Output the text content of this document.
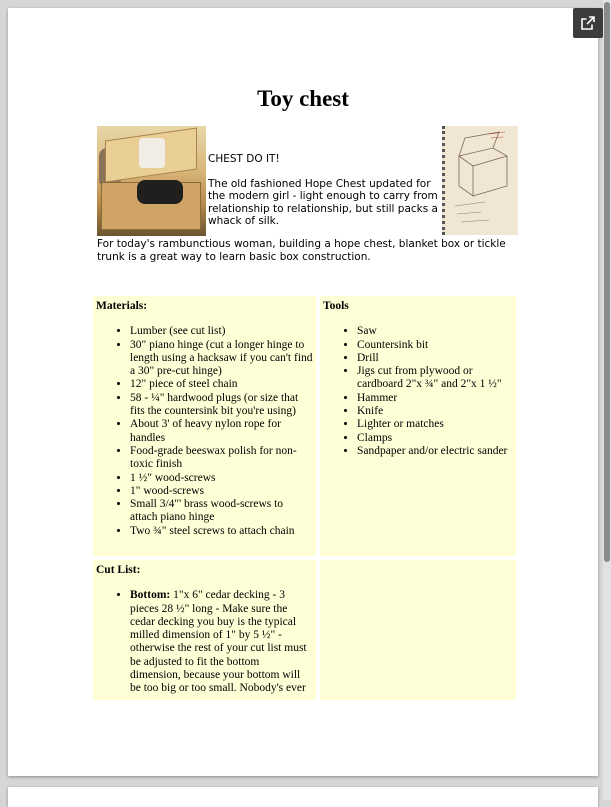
Toy chest

CHEST DO IT!

The old fashioned Hope Chest updated for the modern girl - light enough to carry from relationship to relationship, but still packs a whack of silk.

For today's rambunctious woman, building a hope chest, blanket box or tickle trunk is a great way to learn basic box construction.
Materials:
• Lumber (see cut list)
• 30" piano hinge (cut a longer hinge to length using a hacksaw if you can't find a 30" pre-cut hinge)
• 12" piece of steel chain
• 58 - ¼" hardwood plugs (or size that fits the countersink bit you're using)
• About 3' of heavy nylon rope for handles
• Food-grade beeswax polish for non-toxic finish
• 1 ½" wood-screws
• 1" wood-screws
• Small 3/4"' brass wood-screws to attach piano hinge
• Two ¾" steel screws to attach chain
Tools
• Saw
• Countersink bit
• Drill
• Jigs cut from plywood or cardboard 2"x ¾" and 2"x 1 ½"
• Hammer
• Knife
• Lighter or matches
• Clamps
• Sandpaper and/or electric sander
Cut List:
• Bottom: 1"x 6" cedar decking - 3 pieces 28 ½" long - Make sure the cedar decking you buy is the typical milled dimension of 1" by 5 ½" - otherwise the rest of your cut list must be adjusted to fit the bottom dimension, because your bottom will be too big or too small. Nobody's ever
